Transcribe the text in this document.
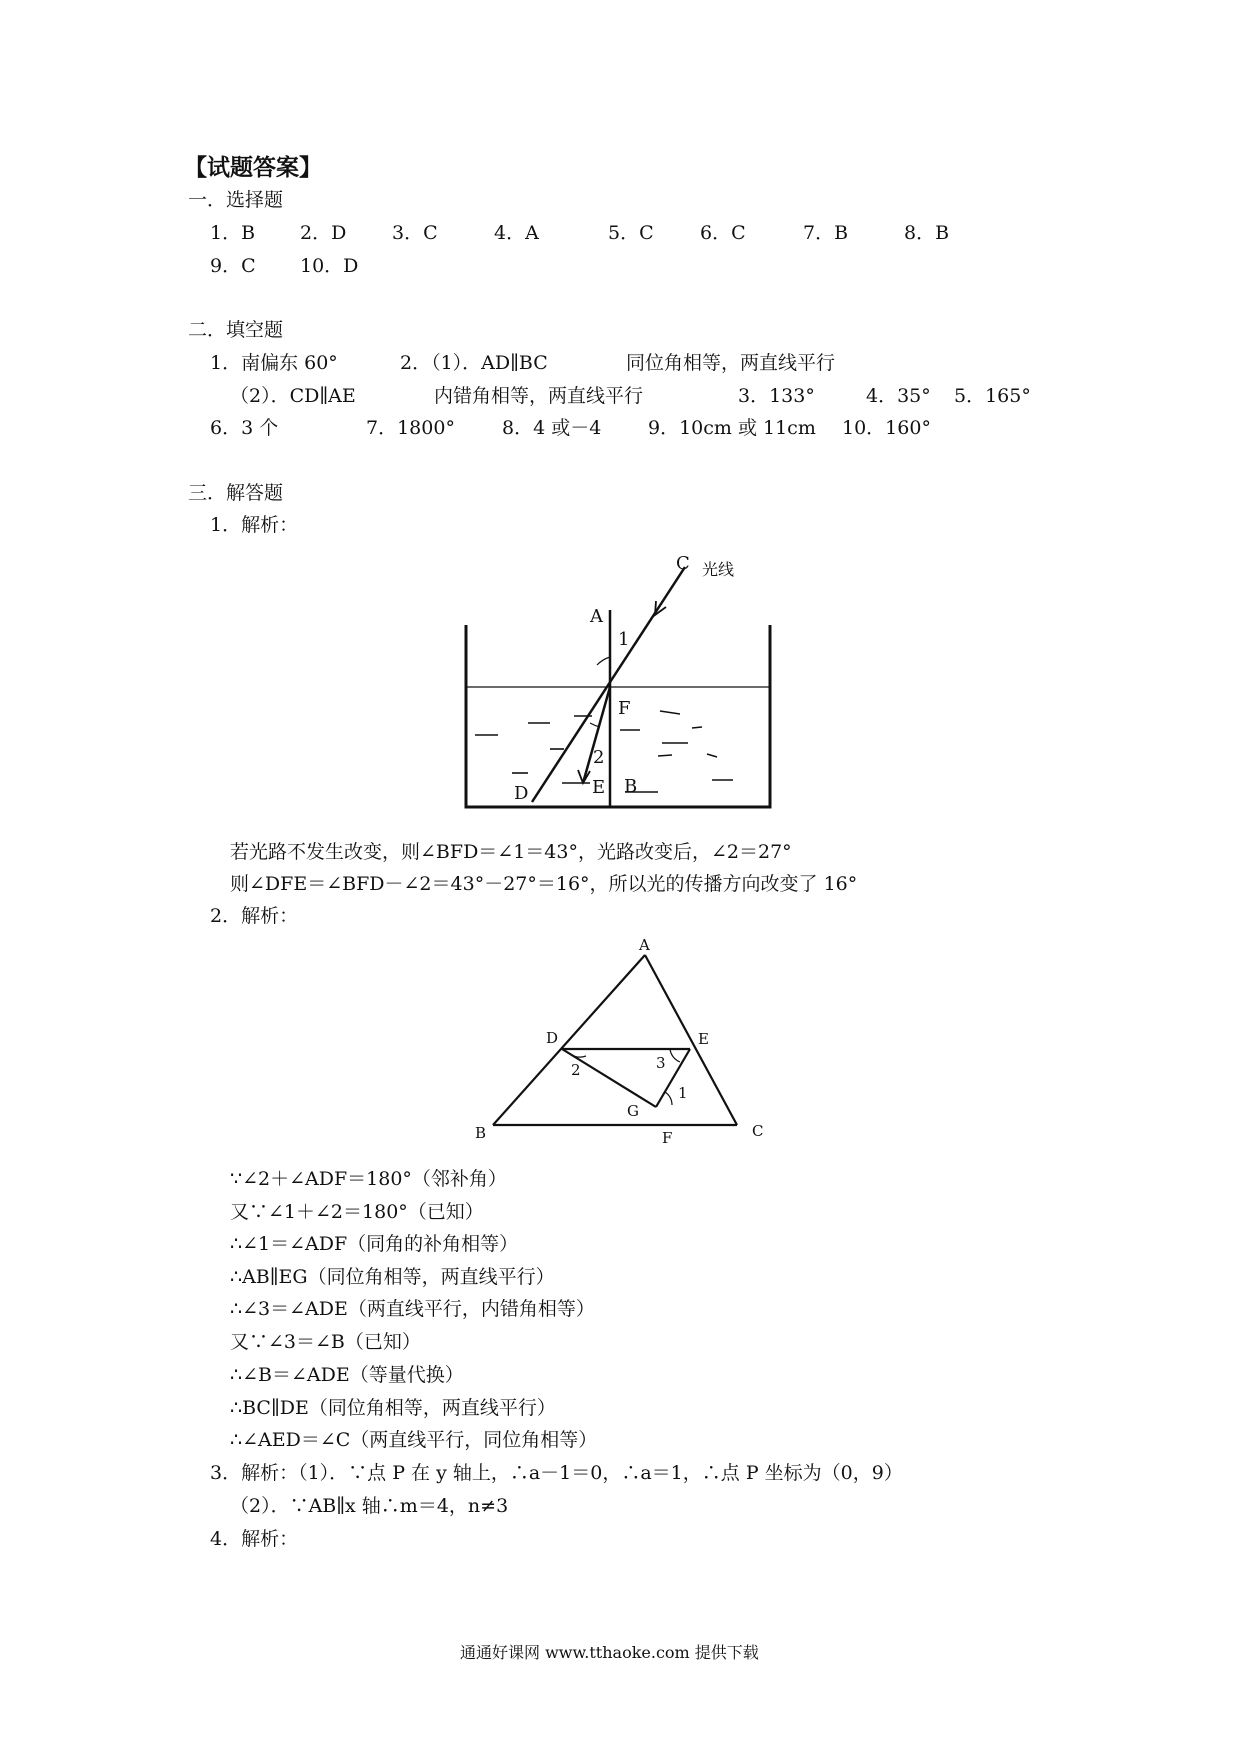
【试题答案】
一．选择题
1．B 2．D 3．C	4．A	5．C 6．C	7．B	8．B
9．C 10．D
二．填空题
1．南偏东 60°	2．（1）．AD∥BC	同位角相等，两直线平行
（2）．CD∥AE	内错角相等，两直线平行	3．133°	4．35° 5．165°
6．3 个	7．1800° 8．4 或－4 9．10cm 或 11cm 10．160°
三．解答题
1．解析：
C 光线
A
1
F
2
D	E B
若光路不发生改变，则∠BFD＝∠1＝43°，光路改变后，∠2＝27°
则∠DFE＝∠BFD－∠2＝43°－27°＝16°，所以光的传播方向改变了 16°
2．解析：
A
D	E
B	C
G
F
1
2	3
∵∠2＋∠ADF＝180°（邻补角）
又∵∠1＋∠2＝180°（已知）
∴∠1＝∠ADF（同角的补角相等）
∴AB∥EG（同位角相等，两直线平行）
∴∠3＝∠ADE（两直线平行，内错角相等）
又∵∠3＝∠B（已知）
∴∠B＝∠ADE（等量代换）
∴BC∥DE（同位角相等，两直线平行）
∴∠AED＝∠C（两直线平行，同位角相等）
3．解析：（1）．∵点 P 在 y 轴上，∴a－1＝0，∴a＝1，∴点 P 坐标为（0，9）
（2）．∵AB∥x 轴∴m＝4，n≠3
4．解析：
通通好课网 www.tthaoke.com 提供下载
